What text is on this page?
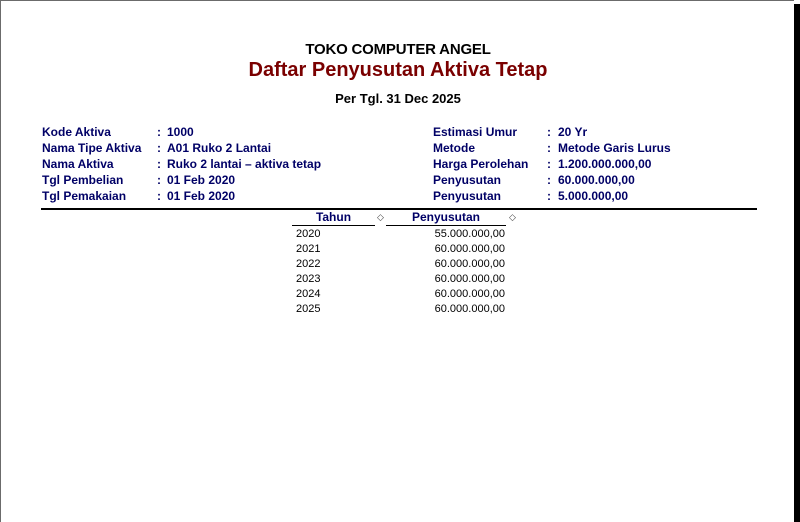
TOKO COMPUTER ANGEL
Daftar Penyusutan Aktiva Tetap
Per Tgl. 31 Dec 2025
Kode Aktiva	: 1000
Nama Tipe Aktiva : A01 Ruko 2 Lantai
Nama Aktiva	: Ruko 2 lantai – aktiva tetap
Tgl Pembelian	: 01 Feb 2020
Tgl Pemakaian	: 01 Feb 2020
Estimasi Umur : 20 Yr
Metode	: Metode Garis Lurus
Harga Perolehan : 1.200.000.000,00
Penyusutan	: 60.000.000,00
Penyusutan	: 5.000.000,00
Tahun	◇	Penyusutan	◇
2020	55.000.000,00
2021	60.000.000,00
2022	60.000.000,00
2023	60.000.000,00
2024	60.000.000,00
2025	60.000.000,00
